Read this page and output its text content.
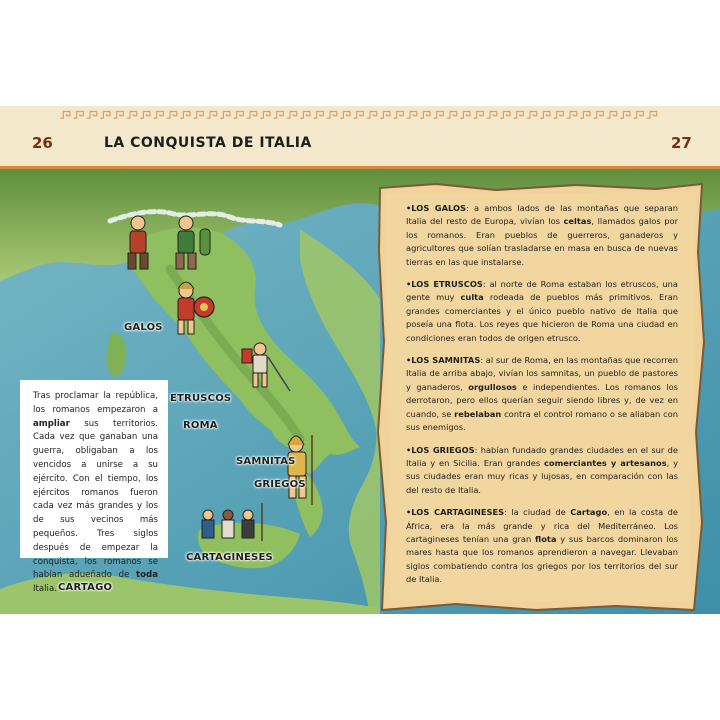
26	LA CONQUISTA DE ITALIA	27
GALOS
ETRUSCOS
ROMA
SAMNITAS
GRIEGOS
CARTAGINESES
CARTAGO
Tras proclamar la república, los romanos empezaron a ampliar sus territorios. Cada vez que ganaban una guerra, obligaban a los vencidos a unirse a su ejército. Con el tiempo, los ejércitos romanos fueron cada vez más grandes y los de sus vecinos más pequeños. Tres siglos después de empezar la conquista, los romanos se habían adueñado de toda Italia.

•LOS GALOS: a ambos lados de las montañas que separan Italia del resto de Europa, vivían los celtas, llamados galos por los romanos. Eran pueblos de guerreros, ganaderos y agricultores que solían trasladarse en masa en busca de nuevas tierras en las que instalarse.

•LOS ETRUSCOS: al norte de Roma estaban los etruscos, una gente muy culta rodeada de pueblos más primitivos. Eran grandes comerciantes y el único pueblo nativo de Italia que poseía una flota. Los reyes que hicieron de Roma una ciudad en condiciones eran todos de origen etrusco.

•LOS SAMNITAS: al sur de Roma, en las montañas que recorren Italia de arriba abajo, vivían los samnitas, un pueblo de pastores y ganaderos, orgullosos e independientes. Los romanos los derrotaron, pero ellos querían seguir siendo libres y, de vez en cuando, se rebelaban contra el control romano o se aliaban con sus enemigos.

•LOS GRIEGOS: habían fundado grandes ciudades en el sur de Italia y en Sicilia. Eran grandes comerciantes y artesanos, y sus ciudades eran muy ricas y lujosas, en comparación con las del resto de Italia.

•LOS CARTAGINESES: la ciudad de Cartago, en la costa de África, era la más grande y rica del Mediterráneo. Los cartagineses tenían una gran flota y sus barcos dominaron los mares hasta que los romanos aprendieron a navegar. Llevaban siglos combatiendo contra los griegos por los territorios del sur de Italia.
